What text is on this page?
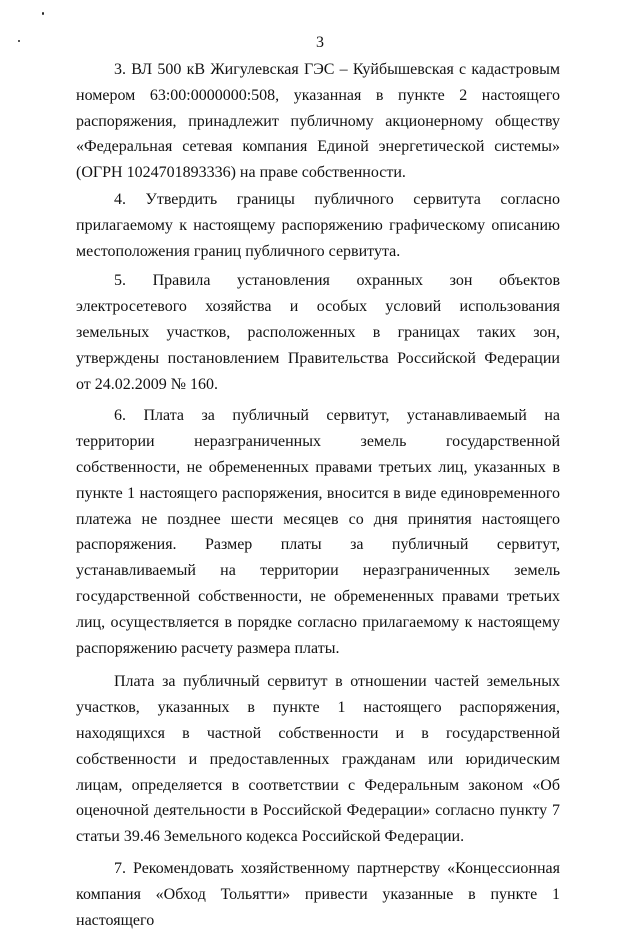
3

3. ВЛ 500 кВ Жигулевская ГЭС – Куйбышевская с кадастровым номером 63:00:0000000:508, указанная в пункте 2 настоящего распоряжения, принадлежит публичному акционерному обществу «Федеральная сетевая компания Единой энергетической системы» (ОГРН 1024701893336) на праве собственности.

4. Утвердить границы публичного сервитута согласно прилагаемому к настоящему распоряжению графическому описанию местоположения границ публичного сервитута.

5. Правила установления охранных зон объектов электросетевого хозяйства и особых условий использования земельных участков, расположенных в границах таких зон, утверждены постановлением Правительства Российской Федерации от 24.02.2009 № 160.

6. Плата за публичный сервитут, устанавливаемый на территории неразграниченных земель государственной собственности, не обремененных правами третьих лиц, указанных в пункте 1 настоящего распоряжения, вносится в виде единовременного платежа не позднее шести месяцев со дня принятия настоящего распоряжения. Размер платы за публичный сервитут, устанавливаемый на территории неразграниченных земель государственной собственности, не обремененных правами третьих лиц, осуществляется в порядке согласно прилагаемому к настоящему распоряжению расчету размера платы.

Плата за публичный сервитут в отношении частей земельных участков, указанных в пункте 1 настоящего распоряжения, находящихся в частной собственности и в государственной собственности и предоставленных гражданам или юридическим лицам, определяется в соответствии с Федеральным законом «Об оценочной деятельности в Российской Федерации» согласно пункту 7 статьи 39.46 Земельного кодекса Российской Федерации.

7. Рекомендовать хозяйственному партнерству «Концессионная компания «Обход Тольятти» привести указанные в пункте 1 настоящего
